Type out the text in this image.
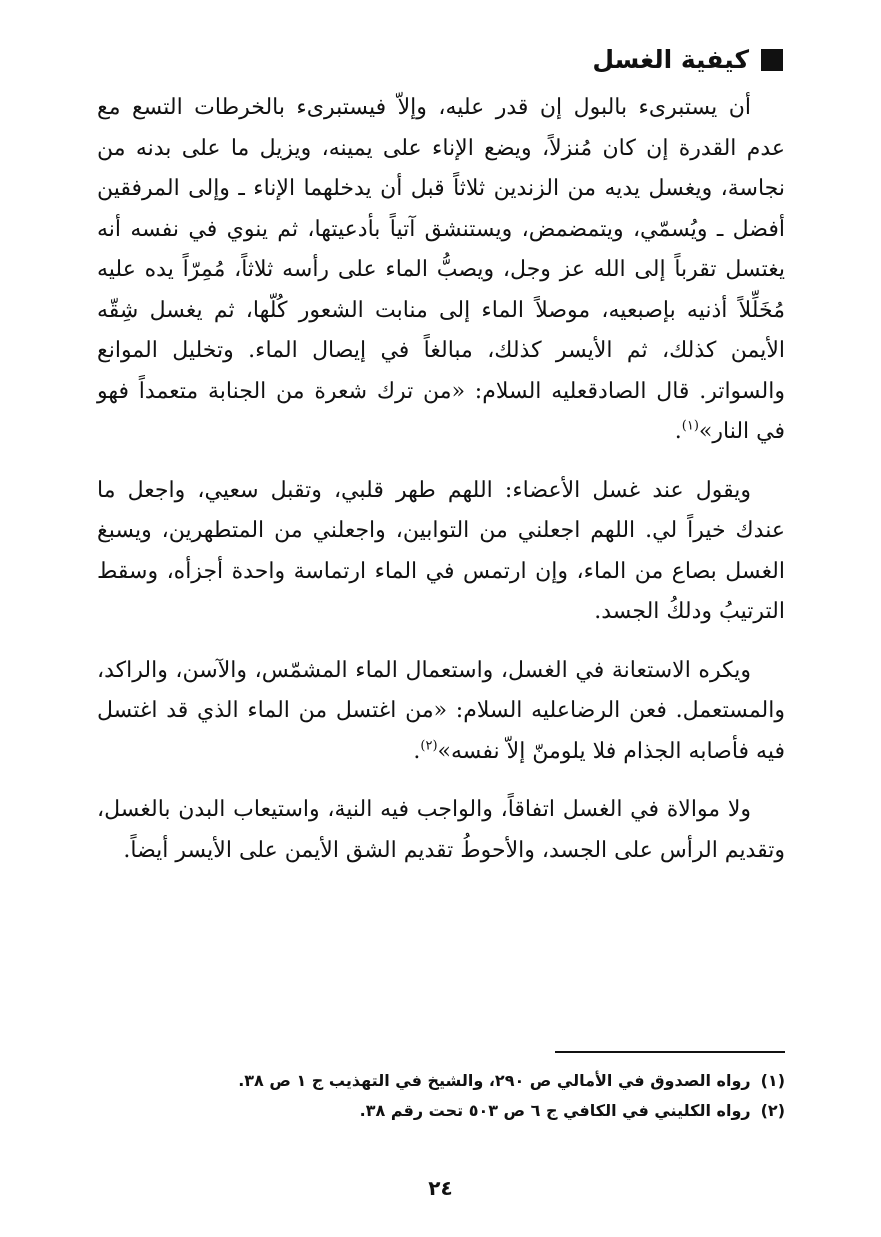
كيفية الغسل

أن يستبرىء بالبول إن قدر عليه، وإلاّ فيستبرىء بالخرطات التسع مع عدم القدرة إن كان مُنزلاً، ويضع الإناء على يمينه، ويزيل ما على بدنه من نجاسة، ويغسل يديه من الزندين ثلاثاً قبل أن يدخلهما الإناء ـ وإلى المرفقين أفضل ـ ويُسمّي، ويتمضمض، ويستنشق آتياً بأدعيتها، ثم ينوي في نفسه أنه يغتسل تقرباً إلى الله عز وجل، ويصبُّ الماء على رأسه ثلاثاً، مُمِرّاً يده عليه مُخَلِّلاً أذنيه بإصبعيه، موصلاً الماء إلى منابت الشعور كُلّها، ثم يغسل شِقّه الأيمن كذلك، ثم الأيسر كذلك، مبالغاً في إيصال الماء. وتخليل الموانع والسواتر. قال الصادقعليه السلام: «من ترك شعرة من الجنابة متعمداً فهو في النار»$^{(١)}$.

ويقول عند غسل الأعضاء: اللهم طهر قلبي، وتقبل سعيي، واجعل ما عندك خيراً لي. اللهم اجعلني من التوابين، واجعلني من المتطهرين، ويسبغ الغسل بصاع من الماء، وإن ارتمس في الماء ارتماسة واحدة أجزأه، وسقط الترتيبُ ودلكُ الجسد.

ويكره الاستعانة في الغسل، واستعمال الماء المشمّس، والآسن، والراكد، والمستعمل. فعن الرضاعليه السلام: «من اغتسل من الماء الذي قد اغتسل فيه فأصابه الجذام فلا يلومنّ إلاّ نفسه»$^{(٢)}$.

ولا موالاة في الغسل اتفاقاً، والواجب فيه النية، واستيعاب البدن بالغسل، وتقديم الرأس على الجسد، والأحوطُ تقديم الشق الأيمن على الأيسر أيضاً.

(١)
رواه الصدوق في الأمالي ص ٢٩٠، والشيخ في التهذيب ج ١ ص ٣٨.
(٢)
رواه الكليني في الكافي ج ٦ ص ٥٠٣ تحت رقم ٣٨.
٢٤
